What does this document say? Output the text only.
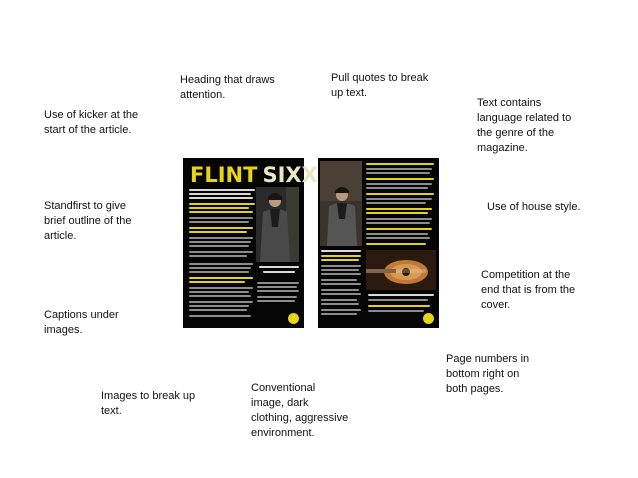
Use of kicker at the
start of the article.
Heading that draws
attention.
Pull quotes to break
up text.
Text contains
language related to
the genre of the
magazine.
Standfirst to give
brief outline of the
article.
Use of house style.
Competition at the
end that is from the
cover.
Captions under
images.
Page numbers in
bottom right on
both pages.
Conventional
image, dark
clothing, aggressive
environment.
Images to break up
text.
FLINT SIXX
